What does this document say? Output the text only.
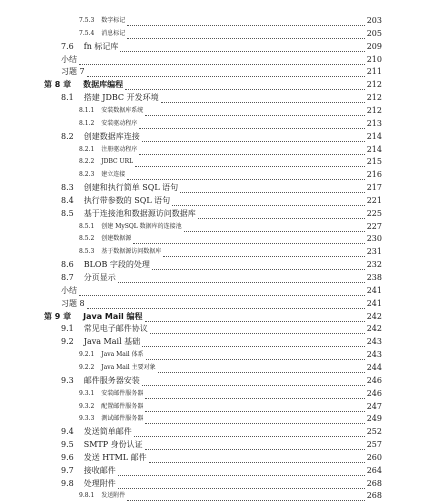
7.5.3 数字标记	203
7.5.4 消息标记	205
7.6 fn 标记库	209
小结	210
习题 7	211
第 8 章 数据库编程	212
8.1 搭建 JDBC 开发环境	212
8.1.1 安装数据库系统	212
8.1.2 安装驱动程序	213
8.2 创建数据库连接	214
8.2.1 注册驱动程序	214
8.2.2 JDBC URL	215
8.2.3 建立连接	216
8.3 创建和执行简单 SQL 语句	217
8.4 执行带参数的 SQL 语句	221
8.5 基于连接池和数据源访问数据库	225
8.5.1 创建 MySQL 数据库的连接池	227
8.5.2 创建数据源	230
8.5.3 基于数据源访问数据库	231
8.6 BLOB 字段的处理	232
8.7 分页显示	238
小结	241
习题 8	241
第 9 章 Java Mail 编程	242
9.1 常见电子邮件协议	242
9.2 Java Mail 基础	243
9.2.1 Java Mail 体系	243
9.2.2 Java Mail 主要对象	244
9.3 邮件服务器安装	246
9.3.1 安装邮件服务器	246
9.3.2 配置邮件服务器	247
9.3.3 测试邮件服务器	249
9.4 发送简单邮件	252
9.5 SMTP 身份认证	257
9.6 发送 HTML 邮件	260
9.7 接收邮件	264
9.8 处理附件	268
9.8.1 发送附件	268
